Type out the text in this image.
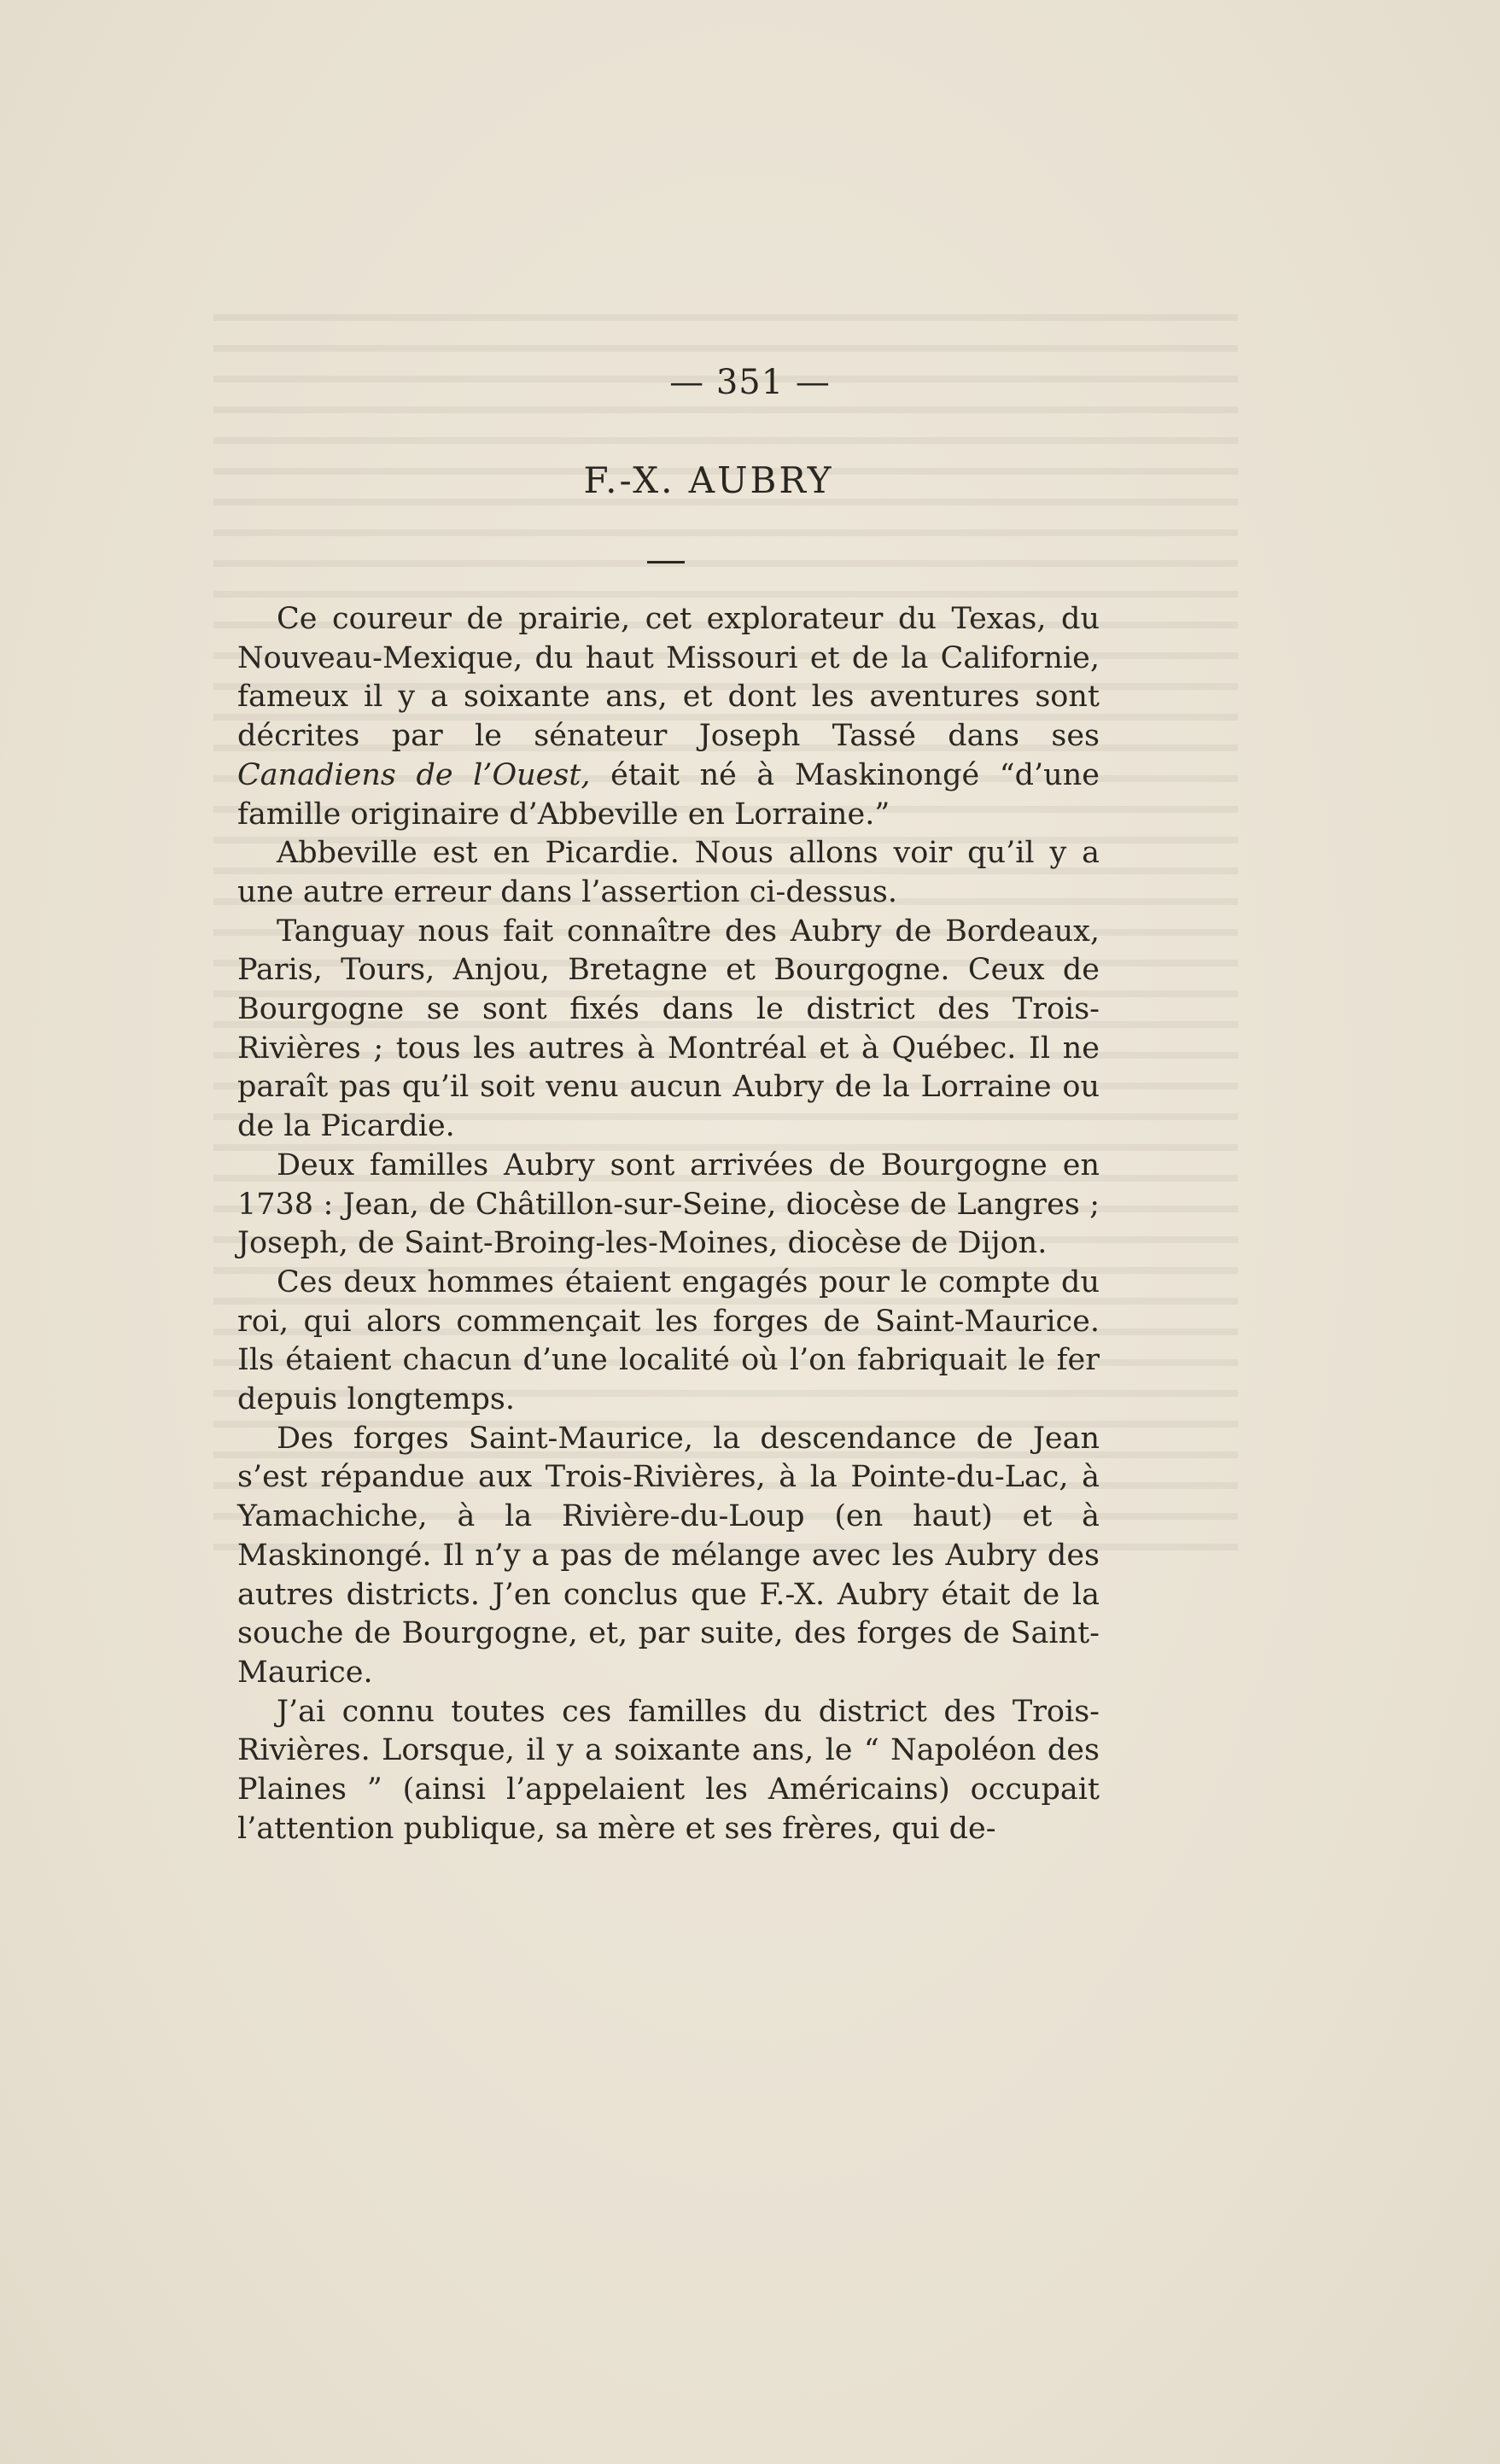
— 351 —
F.-X. AUBRY

Ce coureur de prairie, cet explorateur du Texas, du Nouveau-Mexique, du haut Missouri et de la Californie, fameux il y a soixante ans, et dont les aventures sont décrites par le sénateur Joseph Tassé dans ses Canadiens de l’Ouest, était né à Maskinongé “d’une famille originaire d’Abbeville en Lorraine.”

Abbeville est en Picardie. Nous allons voir qu’il y a une autre erreur dans l’assertion ci-dessus.

Tanguay nous fait connaître des Aubry de Bordeaux, Paris, Tours, Anjou, Bretagne et Bourgogne. Ceux de Bourgogne se sont fixés dans le district des Trois-Rivières ; tous les autres à Montréal et à Québec. Il ne paraît pas qu’il soit venu aucun Aubry de la Lorraine ou de la Picardie.

Deux familles Aubry sont arrivées de Bourgogne en 1738 : Jean, de Châtillon-sur-Seine, diocèse de Langres ; Joseph, de Saint-Broing-les-Moines, diocèse de Dijon.

Ces deux hommes étaient engagés pour le compte du roi, qui alors commençait les forges de Saint-Maurice. Ils étaient chacun d’une localité où l’on fabriquait le fer depuis longtemps.

Des forges Saint-Maurice, la descendance de Jean s’est répandue aux Trois-Rivières, à la Pointe-du-Lac, à Yamachiche, à la Rivière-du-Loup (en haut) et à Maskinongé. Il n’y a pas de mélange avec les Aubry des autres districts. J’en conclus que F.-X. Aubry était de la souche de Bourgogne, et, par suite, des forges de Saint-Maurice.

J’ai connu toutes ces familles du district des Trois-Rivières. Lorsque, il y a soixante ans, le “ Napoléon des Plaines ” (ainsi l’appelaient les Américains) occupait l’attention publique, sa mère et ses frères, qui de-
